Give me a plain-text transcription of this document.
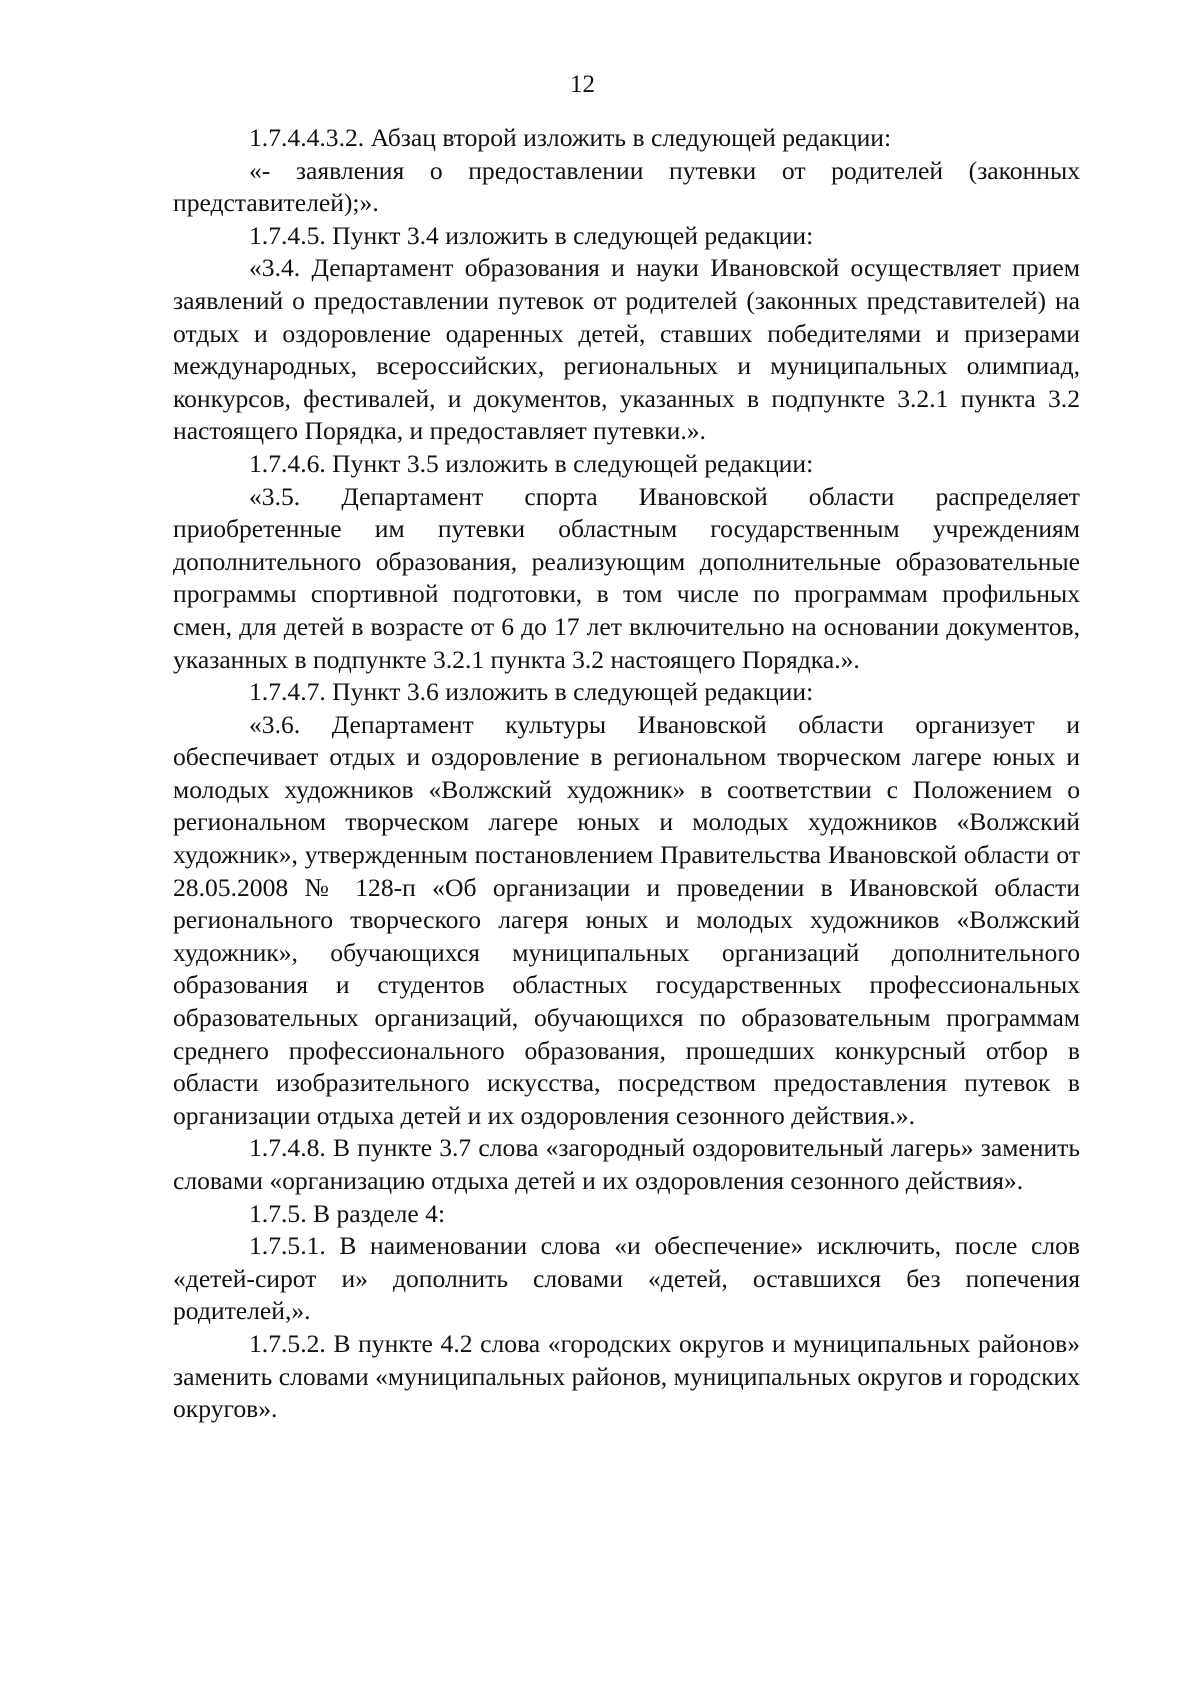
12

1.7.4.4.3.2. Абзац второй изложить в следующей редакции:

«- заявления о предоставлении путевки от родителей (законных представителей);».

1.7.4.5. Пункт 3.4 изложить в следующей редакции:

«3.4. Департамент образования и науки Ивановской осуществляет прием заявлений о предоставлении путевок от родителей (законных представителей) на отдых и оздоровление одаренных детей, ставших победителями и призерами международных, всероссийских, региональных и муниципальных олимпиад, конкурсов, фестивалей, и документов, указанных в подпункте 3.2.1 пункта 3.2 настоящего Порядка, и предоставляет путевки.».

1.7.4.6. Пункт 3.5 изложить в следующей редакции:

«3.5. Департамент спорта Ивановской области распределяет приобретенные им путевки областным государственным учреждениям дополнительного образования, реализующим дополнительные образовательные программы спортивной подготовки, в том числе по программам профильных смен, для детей в возрасте от 6 до 17 лет включительно на основании документов, указанных в подпункте 3.2.1 пункта 3.2 настоящего Порядка.».

1.7.4.7. Пункт 3.6 изложить в следующей редакции:

«3.6. Департамент культуры Ивановской области организует и обеспечивает отдых и оздоровление в региональном творческом лагере юных и молодых художников «Волжский художник» в соответствии с Положением о региональном творческом лагере юных и молодых художников «Волжский художник», утвержденным постановлением Правительства Ивановской области от 28.05.2008 № 128-п «Об организации и проведении в Ивановской области регионального творческого лагеря юных и молодых художников «Волжский художник», обучающихся муниципальных организаций дополнительного образования и студентов областных государственных профессиональных образовательных организаций, обучающихся по образовательным программам среднего профессионального образования, прошедших конкурсный отбор в области изобразительного искусства, посредством предоставления путевок в организации отдыха детей и их оздоровления сезонного действия.».

1.7.4.8. В пункте 3.7 слова «загородный оздоровительный лагерь» заменить словами «организацию отдыха детей и их оздоровления сезонного действия».

1.7.5. В разделе 4:

1.7.5.1. В наименовании слова «и обеспечение» исключить, после слов «детей-сирот и» дополнить словами «детей, оставшихся без попечения родителей,».

1.7.5.2. В пункте 4.2 слова «городских округов и муниципальных районов» заменить словами «муниципальных районов, муниципальных округов и городских округов».
